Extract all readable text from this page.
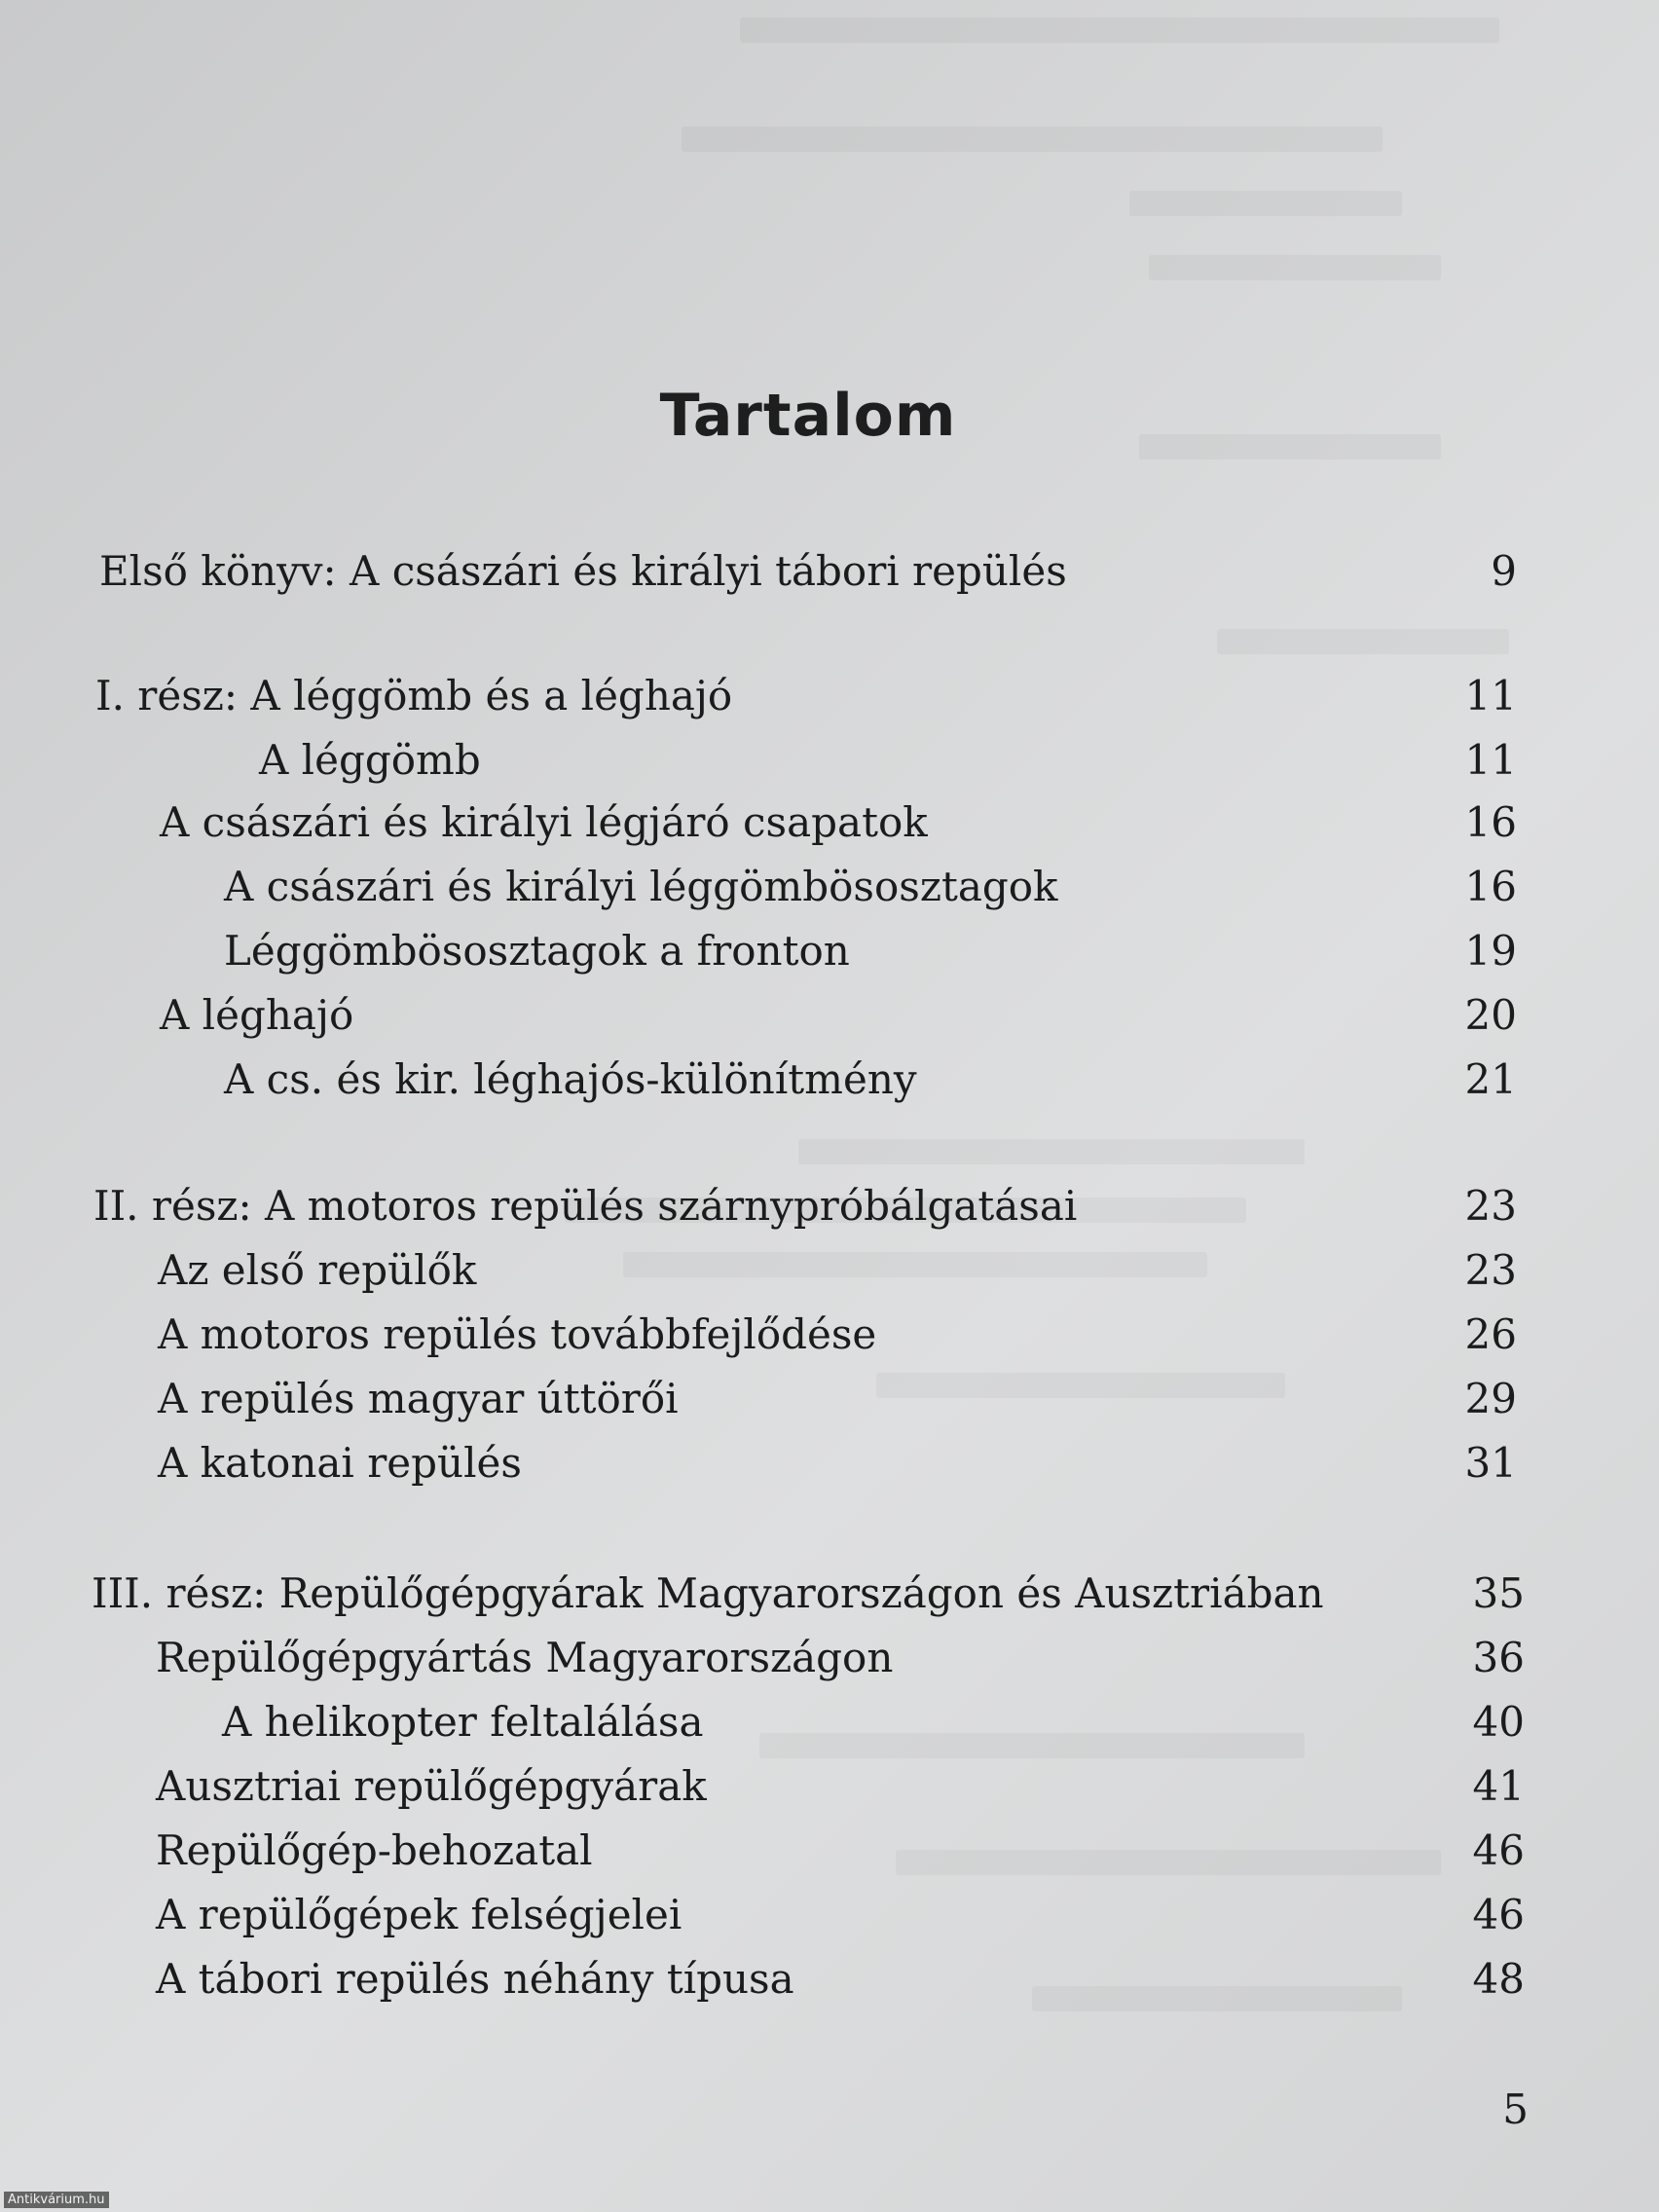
Tartalom
Első könyv: A császári és királyi tábori repülés	9
I. rész: A léggömb és a léghajó	11
A léggömb	11
A császári és királyi légjáró csapatok	16
A császári és királyi léggömbösosztagok	16
Léggömbösosztagok a fronton	19
A léghajó	20
A cs. és kir. léghajós-különítmény	21
II. rész: A motoros repülés szárnypróbálgatásai	23
Az első repülők	23
A motoros repülés továbbfejlődése	26
A repülés magyar úttörői	29
A katonai repülés	31
III. rész: Repülőgépgyárak Magyarországon és Ausztriában	35
Repülőgépgyártás Magyarországon	36
A helikopter feltalálása	40
Ausztriai repülőgépgyárak	41
Repülőgép-behozatal	46
A repülőgépek felségjelei	46
A tábori repülés néhány típusa	48
5
Antikvárium.hu
